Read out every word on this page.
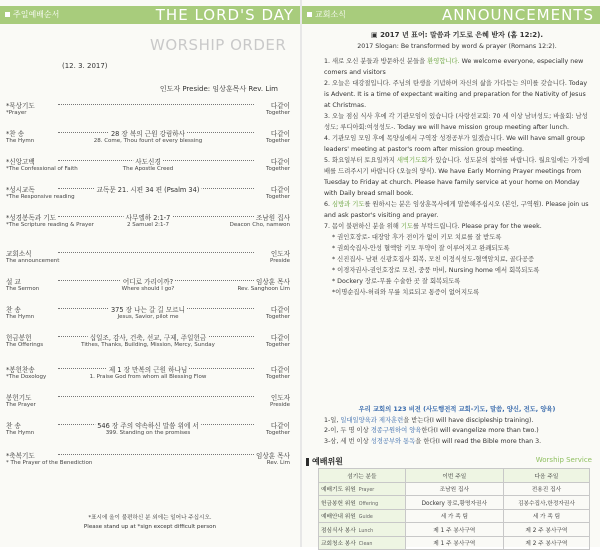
주일예배순서	THE LORD'S DAY
WORSHIP ORDER
(12. 3. 2017)
인도자 Preside: 임상훈목사 Rev. Lim
*묵상기도	다같이
*Prayer	Together
*찬 송	다같이
28 장 복의 근원 강림하사
The Hymn	28. Come, Thou fount of every blessing	Together
*신앙고백	다같이
사도신경
*The Confessional of Faith	The Apostle Creed	Together
*성시교독	다같이
교독문 21. 시편 34 편 (Psalm 34)
*The Responsive reading	Together
*성경봉독과 기도	조남원 집사
사무엘하 2:1-7
*The Scripture reading & Prayer	2 Samuel 2:1-7	Deacon Cho, namwon
교회소식	인도자
The announcement	Preside
설 교	임상훈 목사
어디로 가리이까?
The Sermon	Where should I go?	Rev. Sanghoon Lim
찬 송	다같이
375 장 나는 갈 길 모르니
The Hymn	Jesus, Savior, pilot me	Together
헌금봉헌	다같이
십일조, 감사, 건축, 선교, 구제, 주일헌금
The Offerings	Tithes, Thanks, Building, Mission, Mercy, Sunday	Together
*봉헌찬송	다같이
제 1 장 만복의 근원 하나님
*The Doxology	1. Praise God from whom all Blessing Flow	Together
봉헌기도	인도자
The Prayer	Preside
찬 송	다같이
546 장 주의 약속하신 말씀 위에 서
The Hymn	399. Standing on the promises	Together
*축복기도	임상훈 목사
* The Prayer of the Benediction	Rev. Lim
*표시에 올이 불편하신 분 외에는 일어나 주십시오.
Please stand up at *sign except difficult person
교회소식	ANNOUNCEMENTS

▣ 2017 년 표어: 말씀과 기도로 은혜 받자 (홈 12:2).

2017 Slogan: Be transformed by word & prayer (Romans 12:2).

1. 새로 오신 분들과 방문하신 분들을 환영합니다. We welcome everyone, especially new comers and visitors

2. 오늘은 대강절입니다. 주님의 탄생을 기념하며 자신의 삶을 가다듬는 의미를 갖습니다. Today is Advent. It is a time of expectant waiting and preparation for the Nativity of Jesus at Christmas.

3. 오늘 점심 식사 후에 각 기관모임이 있습니다 (사랑선교회: 70 세 이상 남녀성도; 바울회: 남성성도; 루디아회:여성성도-. Today we will have mission group meeting after lunch.

4. 기관모임 모임 후에 목양실에서 구역장 성경공부가 있겠습니다. We will have small group leaders' meeting at pastor's room after mission group meeting.

5. 화요일부터 토요일까지 새벽기도회가 있습니다. 성도분의 참여를 바랍니다. 월요일에는 가정예배를 드려주시기 바랍니다 (오늘의 양식). We have Early Morning Prayer meetings from Tuesday to Friday at church. Please have family service at your home on Monday with Daily bread small book.

6. 심방과 기도를 원하시는 분은 임상훈목사에게 말씀해주십시오 (본인, 구역원). Please join us and ask pastor's visiting and prayer.

7. 몸이 불편하신 분을 위해 기도를 부탁드립니다. Please pray for the week.

* 권인호장로- 대장암 후가 전이가 없이 키모 치료를 잘 받도록
* 권희숙집사-안성 혈액암 키모 투약이 잘 이루어지고 완쾌되도록
* 신진집사- 남편 신광호집사 회복, 모친 이정식성도-혈액암치료, 골다공증
* 이경자권사-권인호장로 모친, 중풍 마비, Nursing home 에서 회복되도록
* Dockery 장로-무릎 수술한 곳 잘 회복되도록
*이명순집사-허리와 무릎 치료되고 통증이 없어지도록
우리 교회의 123 비전 (사도행전적 교회-기도, 말씀, 양신, 전도, 양육)
1-일, 일대일양육과 제자훈련을 받는다(I will have discipleship training).
2-이, 두 명 이상 경종구원하여 양육한다(I will evangelize more than two.)
3-삼, 세 번 이상 성경공부와 통독을 한다(I will read the Bible more than 3.
예배위원	Worship Service
섬기는 분들	이번 주일	다음 주일
예배기도 위원 Prayer	조남원 집사	전용진 집사
헌금봉헌 위원 Offering	Dockery 장로,황명자권사	김봉수집사,한정자권사
예배안내 위원 Guide	세 가 족 팀	세 가 족 팀
점심식사 봉사 Lunch	제 1 주 봉사구역	제 2 주 봉사구역
교회청소 봉사 Clean	제 1 주 봉사구역	제 2 주 봉사구역
